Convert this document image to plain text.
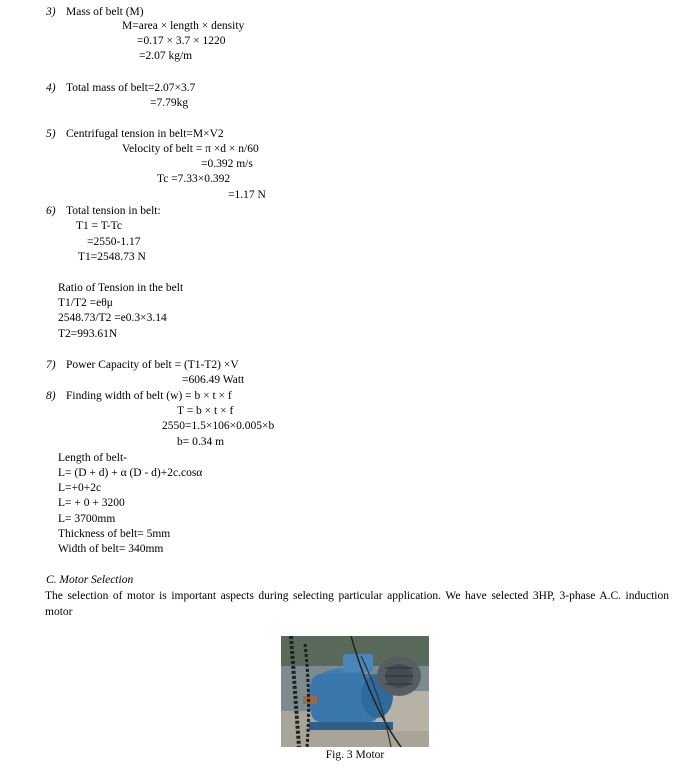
3) Mass of belt (M)
M=area × length × density
=0.17 × 3.7 × 1220
=2.07 kg/m
4) Total mass of belt=2.07×3.7
=7.79kg
5) Centrifugal tension in belt=M×V2
Velocity of belt = π ×d × n/60
=0.392 m/s
Tc =7.33×0.392
=1.17 N
6) Total tension in belt:
T1 = T-Tc
=2550-1.17
T1=2548.73 N
Ratio of Tension in the belt
T1/T2 =eθμ
2548.73/T2 =e0.3×3.14
T2=993.61N
7) Power Capacity of belt = (T1-T2) ×V
=606.49 Watt
8) Finding width of belt (w) = b × t × f
T = b × t × f
2550=1.5×106×0.005×b
b= 0.34 m
Length of belt-
L= (D + d) + α (D - d)+2c.cosα
L=+0+2c
L= + 0 + 3200
L= 3700mm
Thickness of belt= 5mm
Width of belt= 340mm
C. Motor Selection
The selection of motor is important aspects during selecting particular application. We have selected 3HP, 3-phase A.C. induction motor
Fig. 3 Motor
